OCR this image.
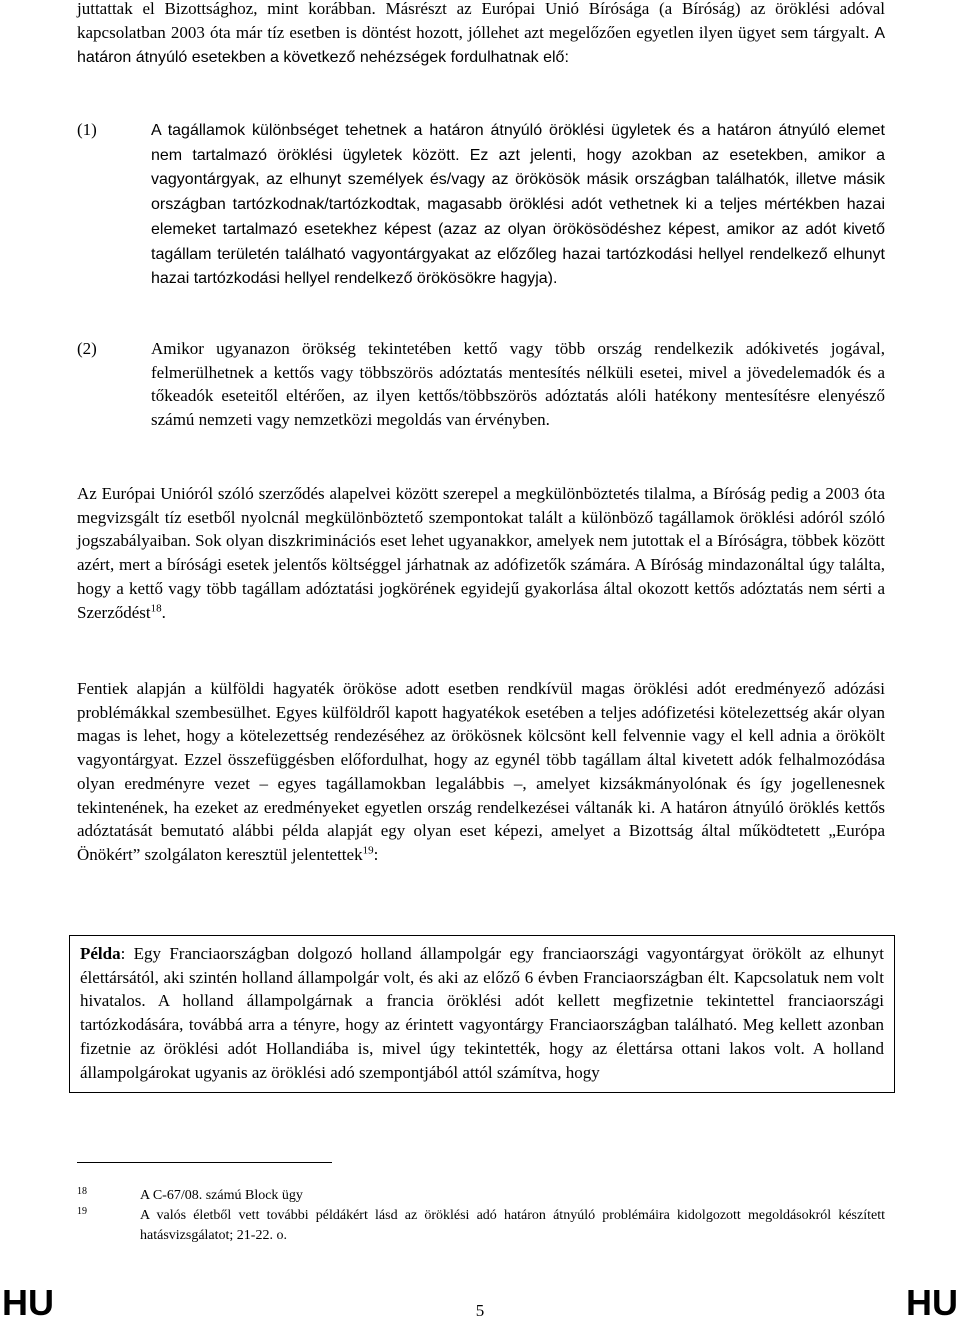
juttattak el Bizottsághoz, mint korábban. Másrészt az Európai Unió Bírósága (a Bíróság) az öröklési adóval kapcsolatban 2003 óta már tíz esetben is döntést hozott, jóllehet azt megelőzően egyetlen ilyen ügyet sem tárgyalt. A határon átnyúló esetekben a következő nehézségek fordulhatnak elő:

(1)	A tagállamok különbséget tehetnek a határon átnyúló öröklési ügyletek és a határon átnyúló elemet nem tartalmazó öröklési ügyletek között. Ez azt jelenti, hogy azokban az esetekben, amikor a vagyontárgyak, az elhunyt személyek és/vagy az örökösök másik országban találhatók, illetve másik országban tartózkodnak/tartózkodtak, magasabb öröklési adót vethetnek ki a teljes mértékben hazai elemeket tartalmazó esetekhez képest (azaz az olyan örökösödéshez képest, amikor az adót kivető tagállam területén található vagyontárgyakat az előzőleg hazai tartózkodási hellyel rendelkező elhunyt hazai tartózkodási hellyel rendelkező örökösökre hagyja).
(2)	Amikor ugyanazon örökség tekintetében kettő vagy több ország rendelkezik adókivetés jogával, felmerülhetnek a kettős vagy többszörös adóztatás mentesítés nélküli esetei, mivel a jövedelemadók és a tőkeadók eseteitől eltérően, az ilyen kettős/többszörös adóztatás alóli hatékony mentesítésre elenyésző számú nemzeti vagy nemzetközi megoldás van érvényben.

Az Európai Unióról szóló szerződés alapelvei között szerepel a megkülönböztetés tilalma, a Bíróság pedig a 2003 óta megvizsgált tíz esetből nyolcnál megkülönböztető szempontokat talált a különböző tagállamok öröklési adóról szóló jogszabályaiban. Sok olyan diszkriminációs eset lehet ugyanakkor, amelyek nem jutottak el a Bíróságra, többek között azért, mert a bírósági esetek jelentős költséggel járhatnak az adófizetők számára. A Bíróság mindazonáltal úgy találta, hogy a kettő vagy több tagállam adóztatási jogkörének egyidejű gyakorlása által okozott kettős adóztatás nem sérti a Szerződést$^{18}$.

Fentiek alapján a külföldi hagyaték örököse adott esetben rendkívül magas öröklési adót eredményező adózási problémákkal szembesülhet. Egyes külföldről kapott hagyatékok esetében a teljes adófizetési kötelezettség akár olyan magas is lehet, hogy a kötelezettség rendezéséhez az örökösnek kölcsönt kell felvennie vagy el kell adnia a örökölt vagyontárgyat. Ezzel összefüggésben előfordulhat, hogy az egynél több tagállam által kivetett adók felhalmozódása olyan eredményre vezet – egyes tagállamokban legalábbis –, amelyet kizsákmányolónak és így jogellenesnek tekintenének, ha ezeket az eredményeket egyetlen ország rendelkezései váltanák ki. A határon átnyúló öröklés kettős adóztatását bemutató alábbi példa alapját egy olyan eset képezi, amelyet a Bizottság által működtetett „Európa Önökért” szolgálaton keresztül jelentettek$^{19}$:

Példa: Egy Franciaországban dolgozó holland állampolgár egy franciaországi vagyontárgyat örökölt az elhunyt élettársától, aki szintén holland állampolgár volt, és aki az előző 6 évben Franciaországban élt. Kapcsolatuk nem volt hivatalos. A holland állampolgárnak a francia öröklési adót kellett megfizetnie tekintettel franciaországi tartózkodására, továbbá arra a tényre, hogy az érintett vagyontárgy Franciaországban található. Meg kellett azonban fizetnie az öröklési adót Hollandiába is, mivel úgy tekintették, hogy az élettársa ottani lakos volt. A holland állampolgárokat ugyanis az öröklési adó szempontjából attól számítva, hogy

18	A C-67/08. számú Block ügy
19	A valós életből vett további példákért lásd az öröklési adó határon átnyúló problémáira kidolgozott megoldásokról készített hatásvizsgálatot; 21-22. o.
HU	5	HU
